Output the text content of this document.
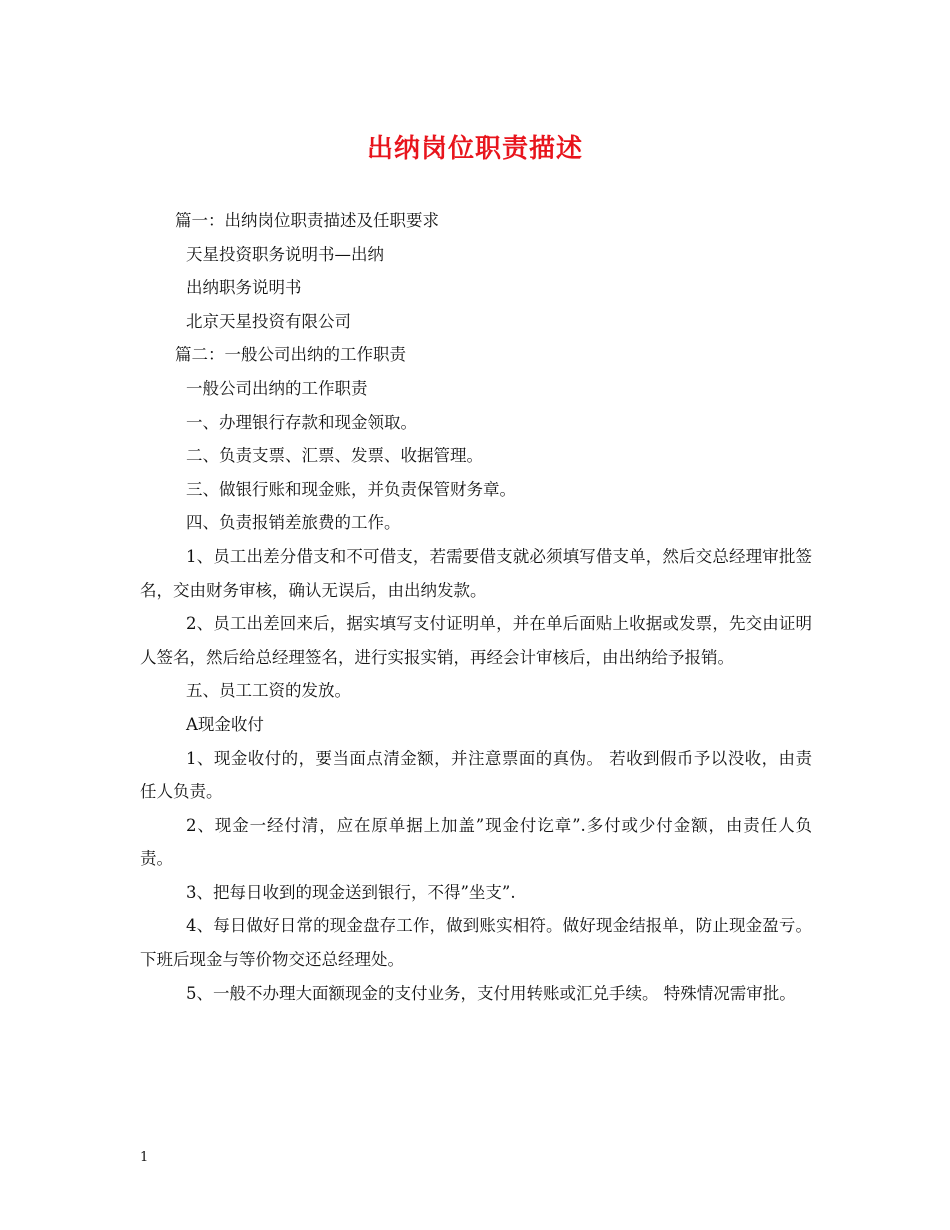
出纳岗位职责描述

篇一：出纳岗位职责描述及任职要求

天星投资职务说明书—出纳

出纳职务说明书

北京天星投资有限公司

篇二：一般公司出纳的工作职责

一般公司出纳的工作职责

一、办理银行存款和现金领取。

二、负责支票、汇票、发票、收据管理。

三、做银行账和现金账，并负责保管财务章。

四、负责报销差旅费的工作。

1、员工出差分借支和不可借支，若需要借支就必须填写借支单，然后交总经理审批签名，交由财务审核，确认无误后，由出纳发款。

2、员工出差回来后，据实填写支付证明单，并在单后面贴上收据或发票，先交由证明人签名，然后给总经理签名，进行实报实销，再经会计审核后，由出纳给予报销。

五、员工工资的发放。

A现金收付

1、现金收付的，要当面点清金额，并注意票面的真伪。 若收到假币予以没收，由责任人负责。

2、现金一经付清，应在原单据上加盖”现金付讫章”.多付或少付金额，由责任人负责。

3、把每日收到的现金送到银行，不得”坐支”.

4、每日做好日常的现金盘存工作，做到账实相符。做好现金结报单，防止现金盈亏。下班后现金与等价物交还总经理处。

5、一般不办理大面额现金的支付业务，支付用转账或汇兑手续。 特殊情况需审批。

1
